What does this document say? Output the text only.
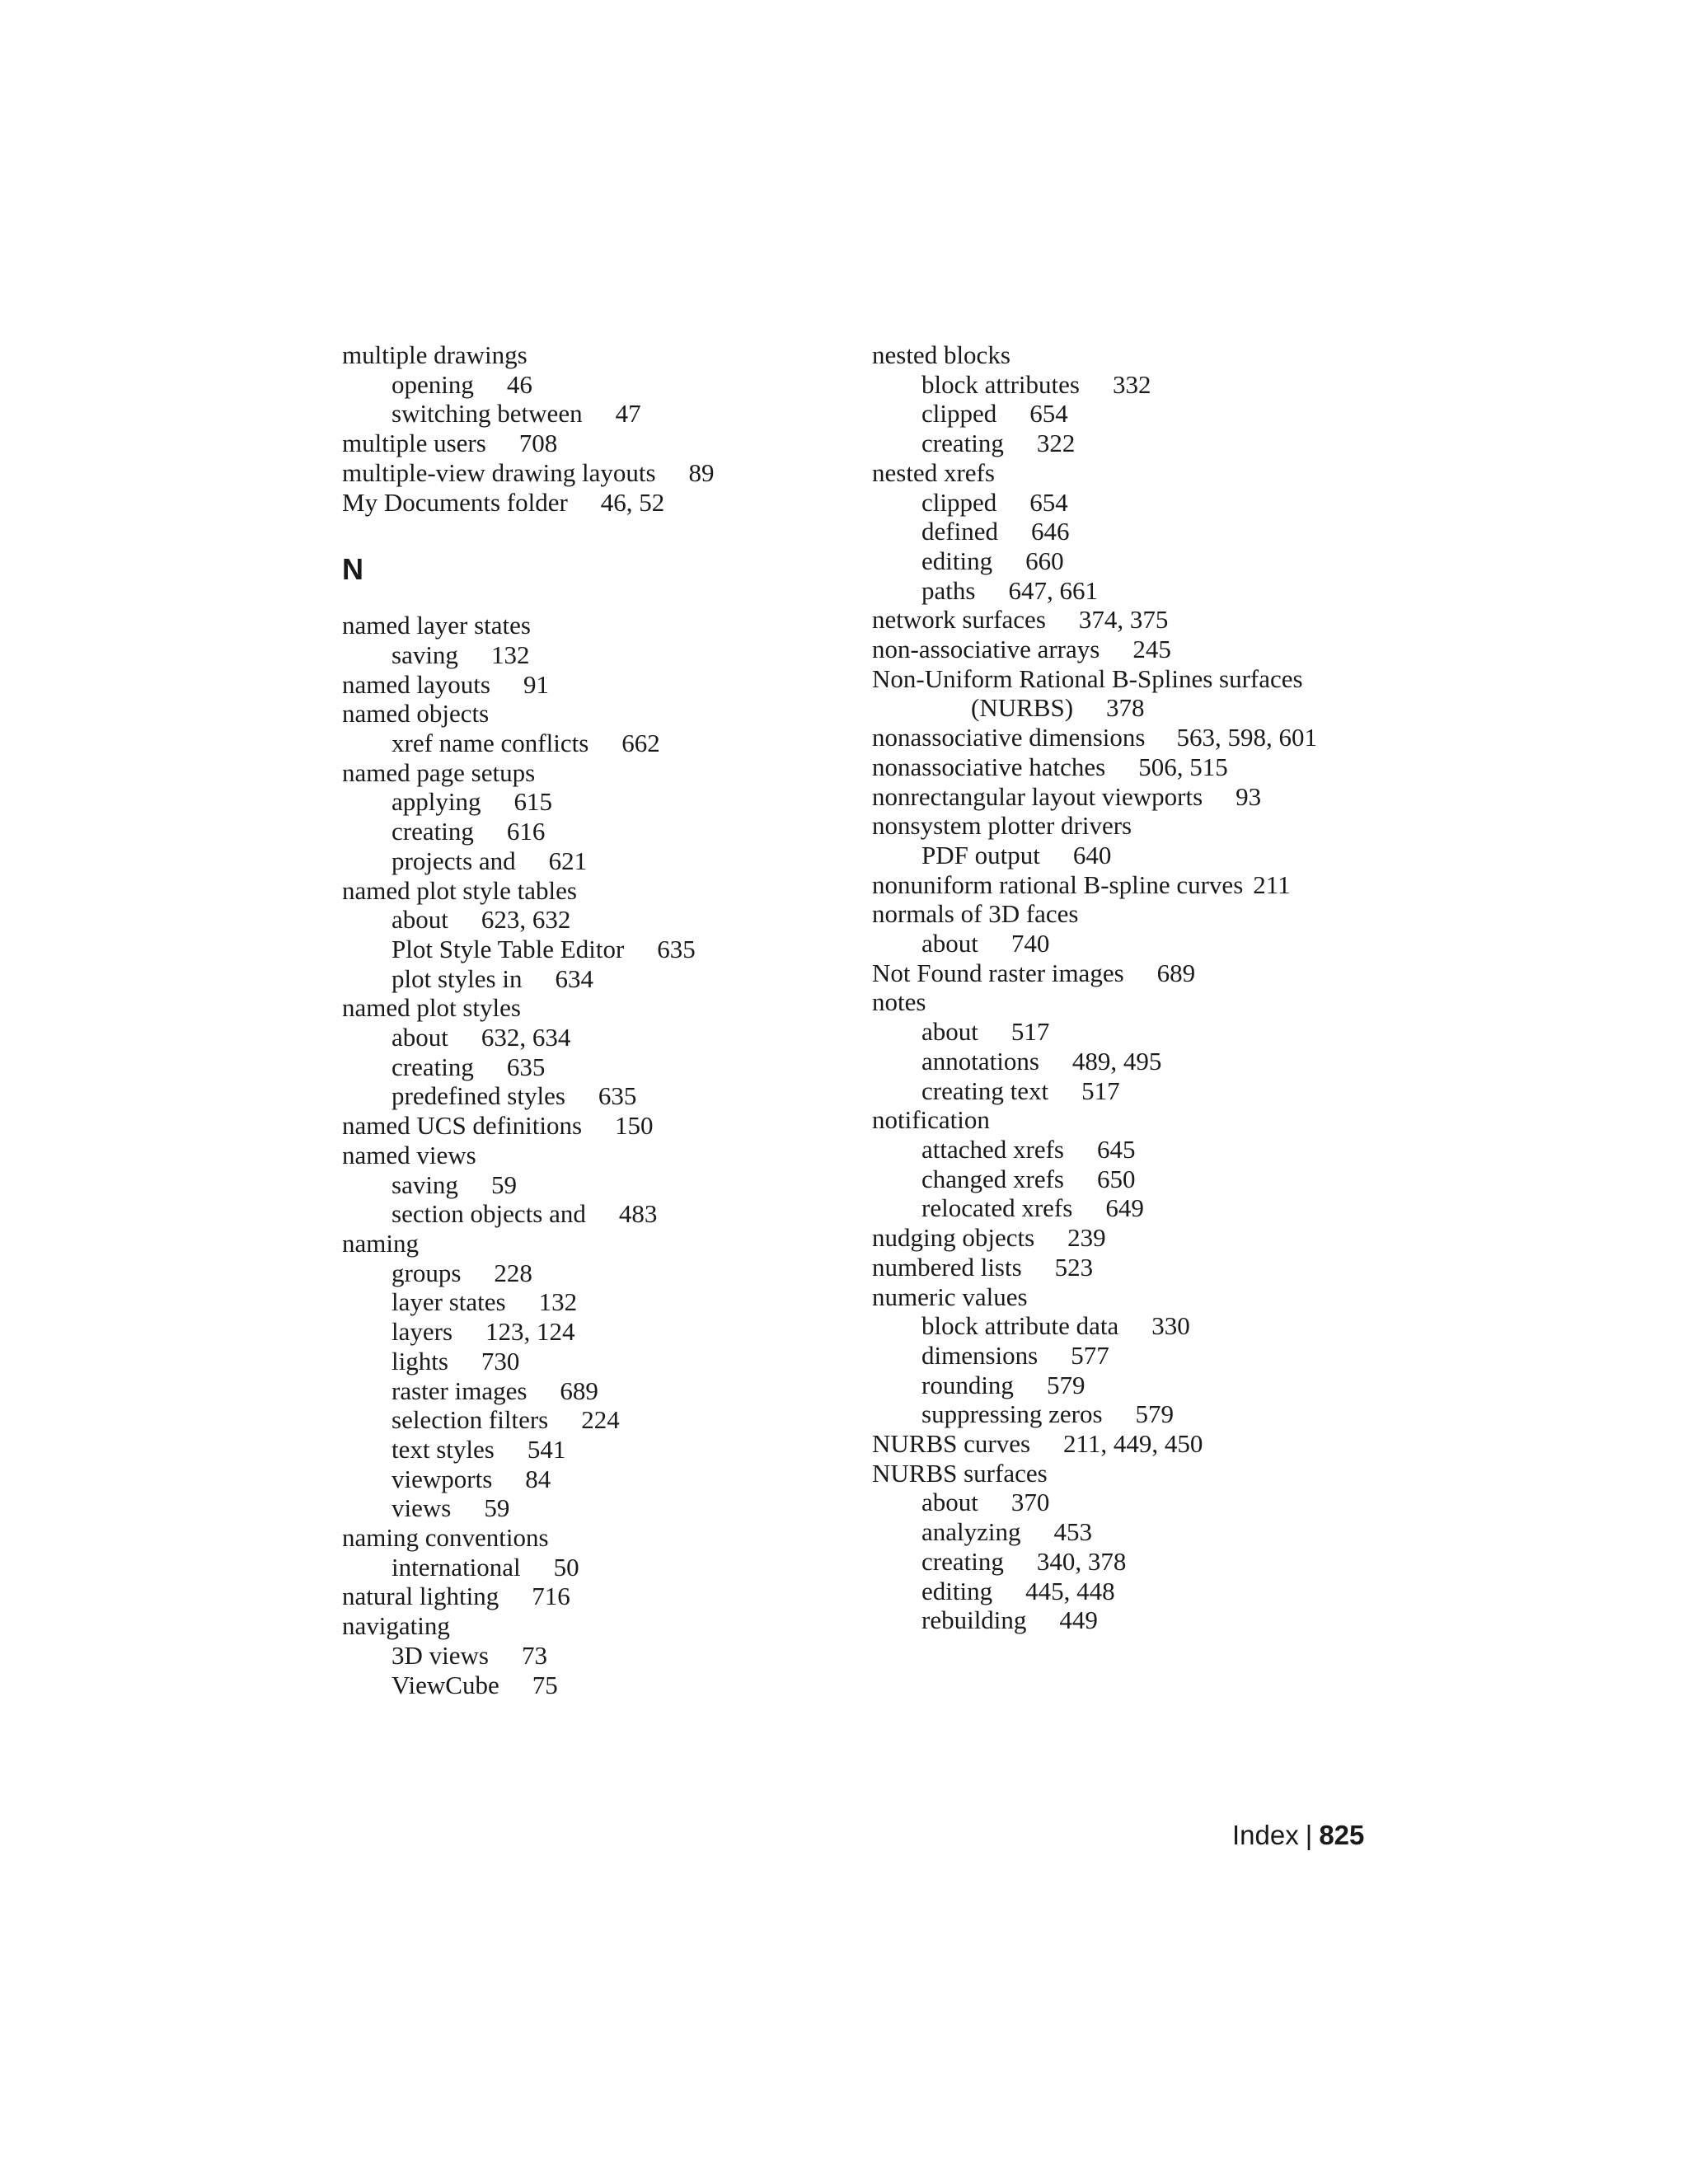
multiple drawings
opening 46
switching between 47
multiple users 708
multiple-view drawing layouts 89
My Documents folder 46, 52
N
named layer states
saving 132
named layouts 91
named objects
xref name conflicts 662
named page setups
applying 615
creating 616
projects and 621
named plot style tables
about 623, 632
Plot Style Table Editor 635
plot styles in 634
named plot styles
about 632, 634
creating 635
predefined styles 635
named UCS definitions 150
named views
saving 59
section objects and 483
naming
groups 228
layer states 132
layers 123, 124
lights 730
raster images 689
selection filters 224
text styles 541
viewports 84
views 59
naming conventions
international 50
natural lighting 716
navigating
3D views 73
ViewCube 75
nested blocks
block attributes 332
clipped 654
creating 322
nested xrefs
clipped 654
defined 646
editing 660
paths 647, 661
network surfaces 374, 375
non-associative arrays 245
Non-Uniform Rational B-Splines surfaces (NURBS) 378
nonassociative dimensions 563, 598, 601
nonassociative hatches 506, 515
nonrectangular layout viewports 93
nonsystem plotter drivers
PDF output 640
nonuniform rational B-spline curves 211
normals of 3D faces
about 740
Not Found raster images 689
notes
about 517
annotations 489, 495
creating text 517
notification
attached xrefs 645
changed xrefs 650
relocated xrefs 649
nudging objects 239
numbered lists 523
numeric values
block attribute data 330
dimensions 577
rounding 579
suppressing zeros 579
NURBS curves 211, 449, 450
NURBS surfaces
about 370
analyzing 453
creating 340, 378
editing 445, 448
rebuilding 449
Index | 825
